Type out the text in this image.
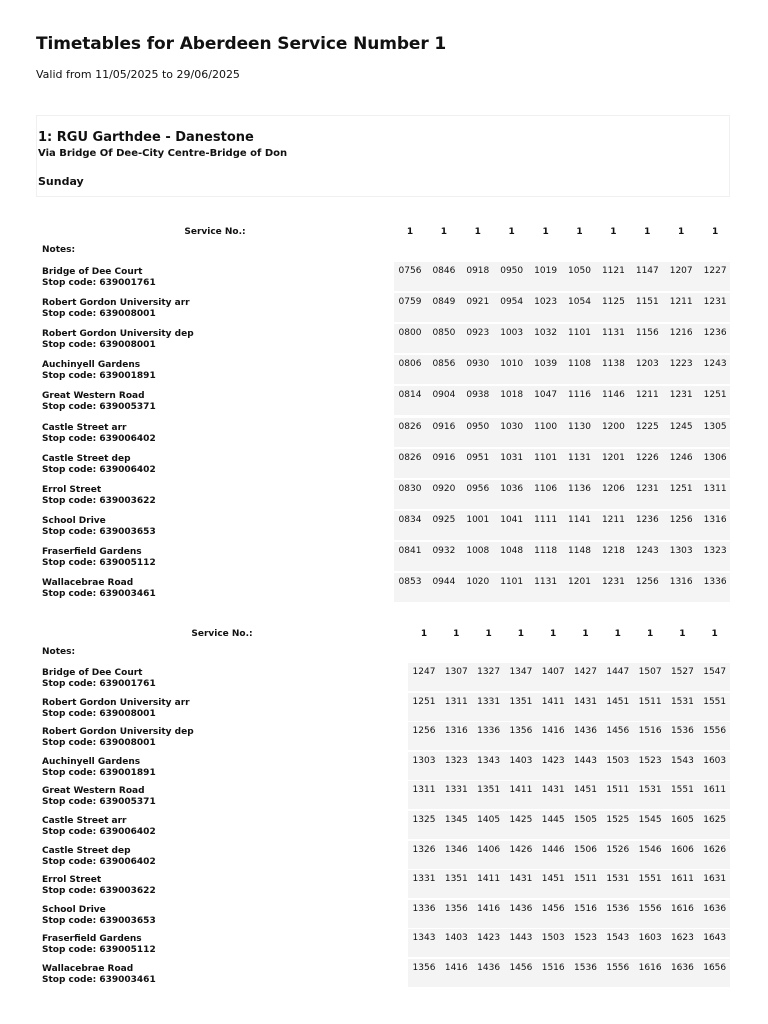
Timetables for Aberdeen Service Number 1
Valid from 11/05/2025 to 29/06/2025
1: RGU Garthdee - Danestone
Via Bridge Of Dee-City Centre-Bridge of Don
Sunday
Service No.:	1	1	1	1	1	1	1	1	1	1
Notes:
Bridge of Dee Court
Stop code: 639001761
0756 0846 0918 0950 1019 1050 1121 1147 1207 1227
Robert Gordon University arr
Stop code: 639008001
0759 0849 0921 0954 1023 1054 1125 1151 1211 1231
Robert Gordon University dep
Stop code: 639008001
0800 0850 0923 1003 1032 1101 1131 1156 1216 1236
Auchinyell Gardens
Stop code: 639001891
0806 0856 0930 1010 1039 1108 1138 1203 1223 1243
Great Western Road
Stop code: 639005371
0814 0904 0938 1018 1047 1116 1146 1211 1231 1251
Castle Street arr
Stop code: 639006402
0826 0916 0950 1030 1100 1130 1200 1225 1245 1305
Castle Street dep
Stop code: 639006402
0826 0916 0951 1031 1101 1131 1201 1226 1246 1306
Errol Street
Stop code: 639003622
0830 0920 0956 1036 1106 1136 1206 1231 1251 1311
School Drive
Stop code: 639003653
0834 0925 1001 1041 1111 1141 1211 1236 1256 1316
Fraserfield Gardens
Stop code: 639005112
0841 0932 1008 1048 1118 1148 1218 1243 1303 1323
Wallacebrae Road
Stop code: 639003461
0853 0944 1020 1101 1131 1201 1231 1256 1316 1336
Service No.:	1	1	1	1	1	1	1	1	1	1
Notes:
Bridge of Dee Court
Stop code: 639001761
1247 1307 1327 1347 1407 1427 1447 1507 1527 1547
Robert Gordon University arr
Stop code: 639008001
1251 1311 1331 1351 1411 1431 1451 1511 1531 1551
Robert Gordon University dep
Stop code: 639008001
1256 1316 1336 1356 1416 1436 1456 1516 1536 1556
Auchinyell Gardens
Stop code: 639001891
1303 1323 1343 1403 1423 1443 1503 1523 1543 1603
Great Western Road
Stop code: 639005371
1311 1331 1351 1411 1431 1451 1511 1531 1551 1611
Castle Street arr
Stop code: 639006402
1325 1345 1405 1425 1445 1505 1525 1545 1605 1625
Castle Street dep
Stop code: 639006402
1326 1346 1406 1426 1446 1506 1526 1546 1606 1626
Errol Street
Stop code: 639003622
1331 1351 1411 1431 1451 1511 1531 1551 1611 1631
School Drive
Stop code: 639003653
1336 1356 1416 1436 1456 1516 1536 1556 1616 1636
Fraserfield Gardens
Stop code: 639005112
1343 1403 1423 1443 1503 1523 1543 1603 1623 1643
Wallacebrae Road
Stop code: 639003461
1356 1416 1436 1456 1516 1536 1556 1616 1636 1656
